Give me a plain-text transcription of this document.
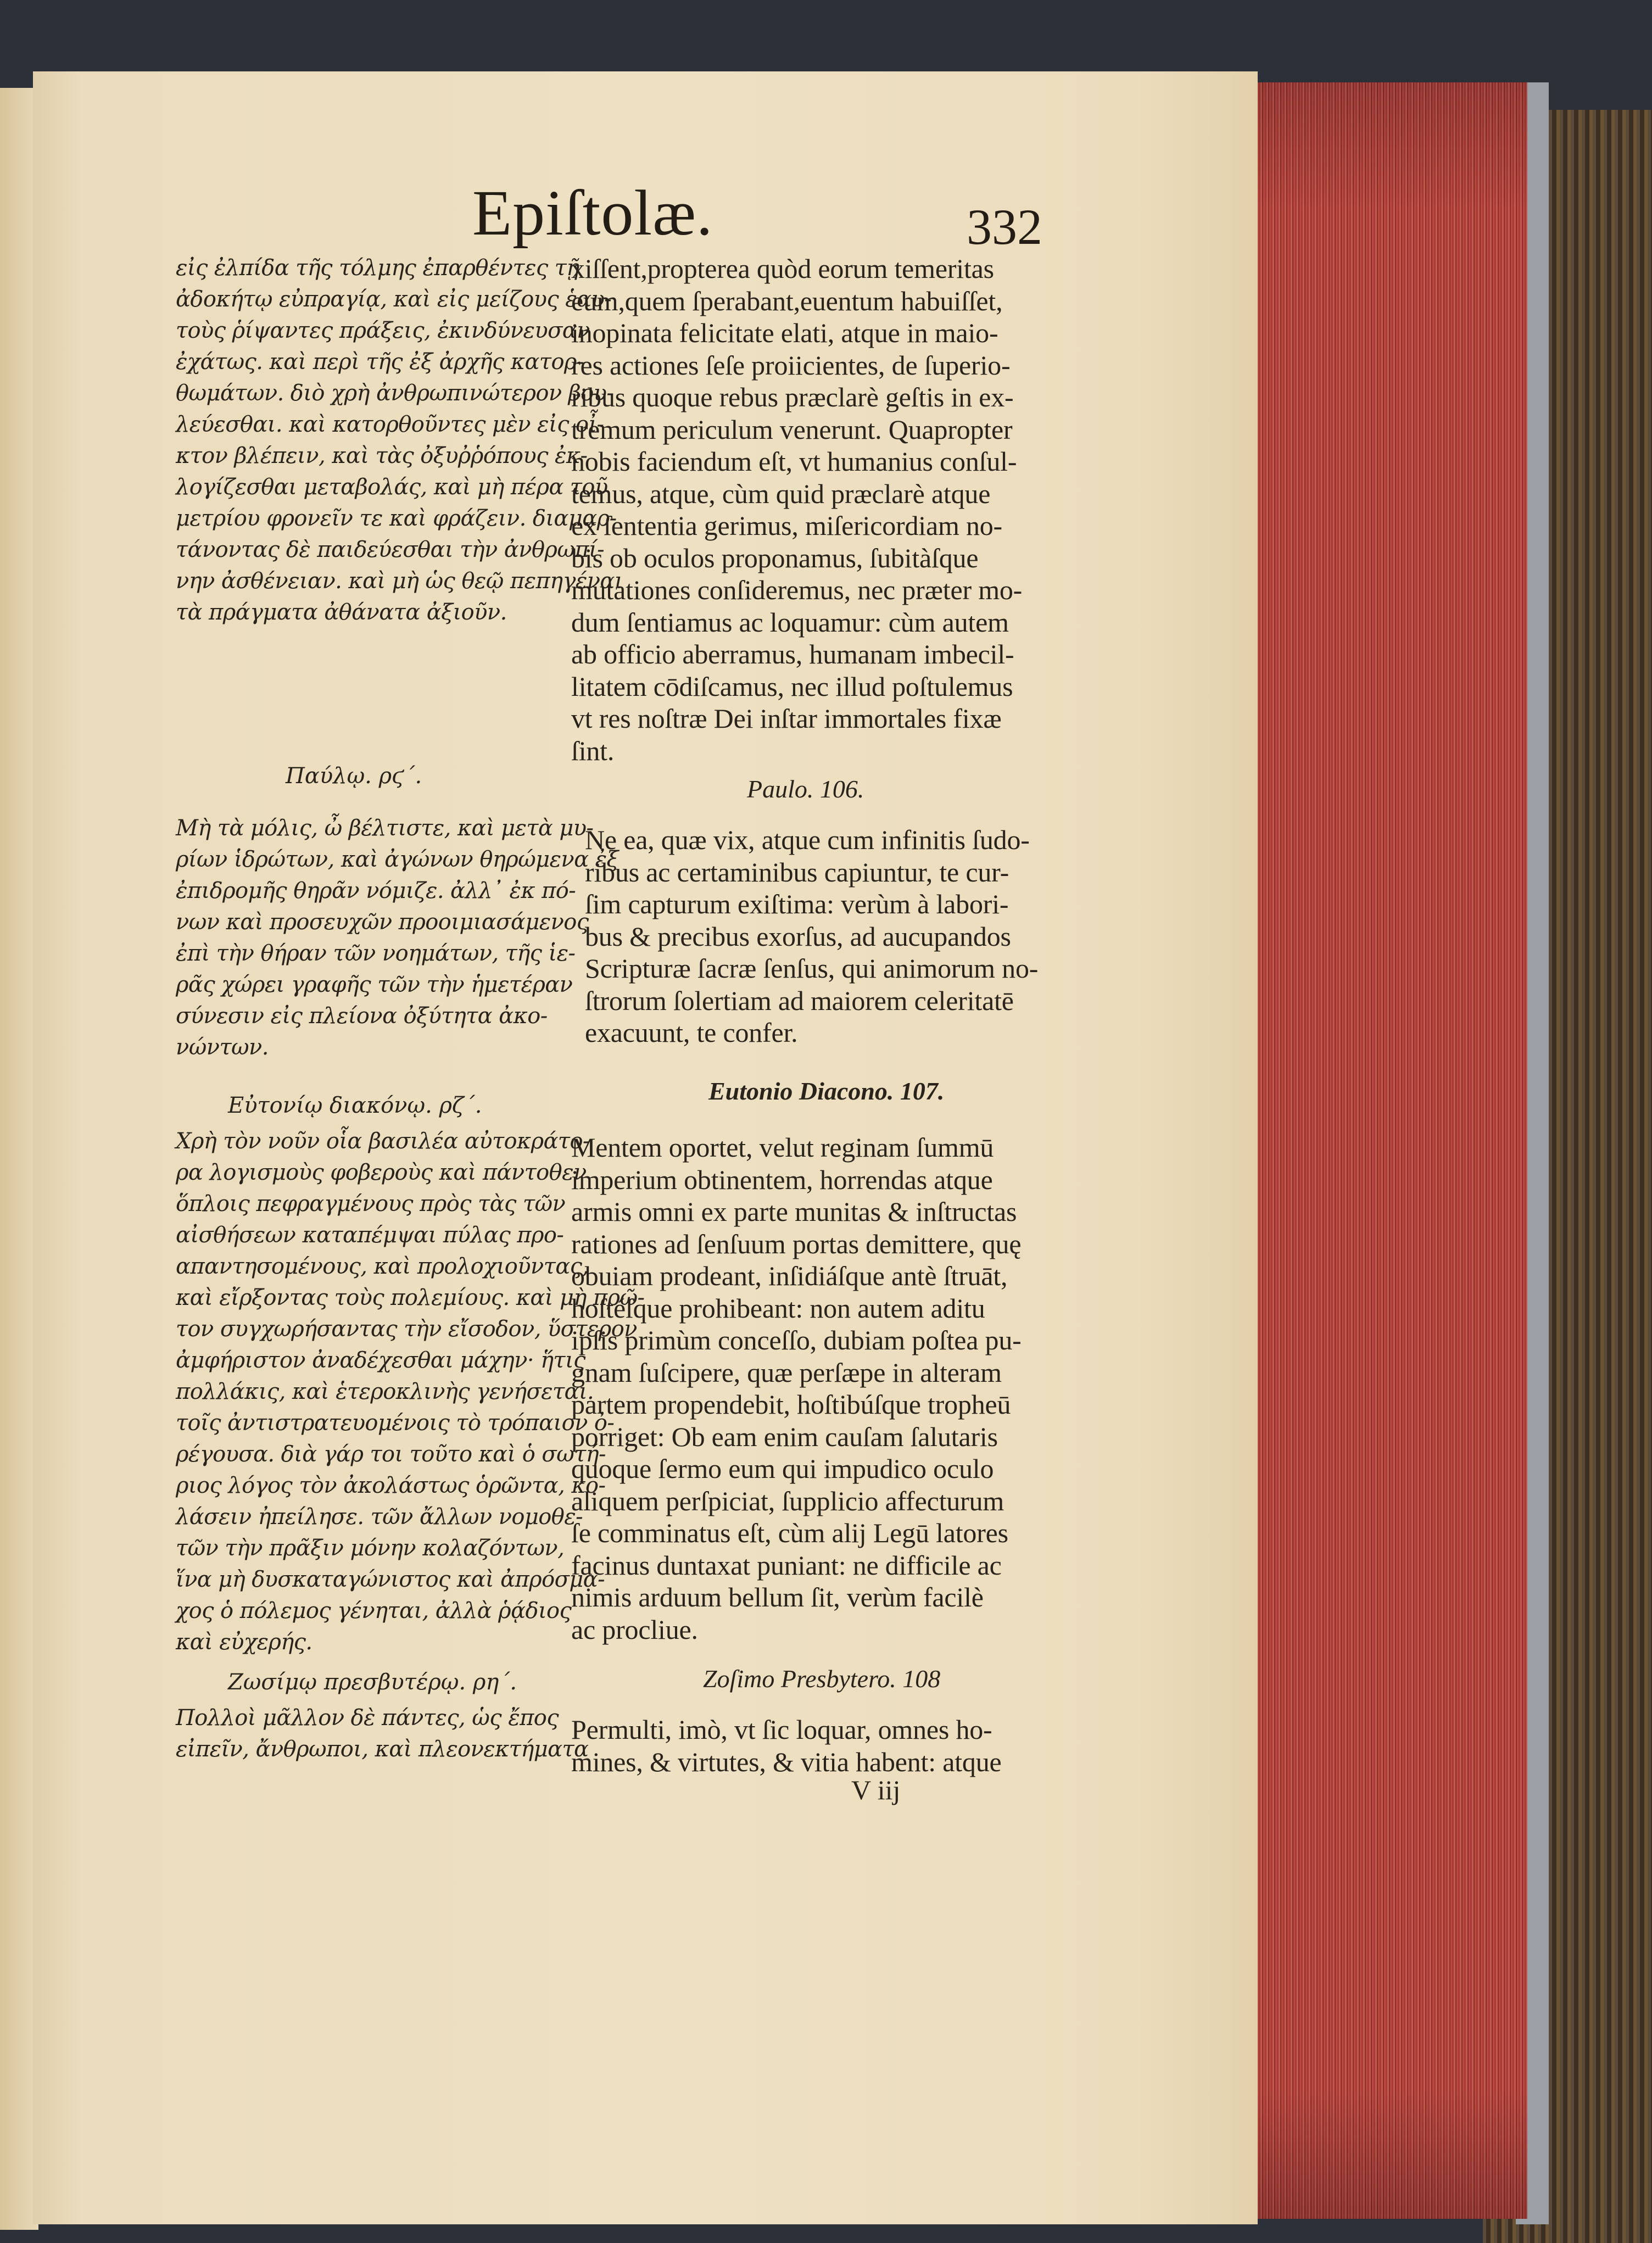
Epiſtolæ.	332
εἰς ἐλπίδα τῆς τόλμης ἐπαρθέντες τῇ
ἀδοκήτῳ εὐπραγίᾳ, καὶ εἰς μείζους ἑαυ-
τοὺς ῥίψαντες πράξεις, ἐκινδύνευσαν
ἐχάτως. καὶ περὶ τῆς ἐξ ἀρχῆς κατορ-
θωμάτων. διὸ χρὴ ἀνθρωπινώτερον βου-
λεύεσθαι. καὶ κατορθοῦντες μὲν εἰς οἶ-
κτον βλέπειν, καὶ τὰς ὀξυῤῥόπους ἐκ-
λογίζεσθαι μεταβολάς, καὶ μὴ πέρα τοῦ
μετρίου φρονεῖν τε καὶ φράζειν. διαμαρ-
τάνοντας δὲ παιδεύεσθαι τὴν ἀνθρωπί-
νην ἀσθένειαν. καὶ μὴ ὡς θεῷ πεπηγέναι
τὰ πράγματα ἀθάνατα ἀξιοῦν.
Παύλῳ. ρϛ΄.
Μὴ τὰ μόλις, ὦ βέλτιστε, καὶ μετὰ μυ-
ρίων ἱδρώτων, καὶ ἀγώνων θηρώμενα ἐξ
ἐπιδρομῆς θηρᾶν νόμιζε. ἀλλ᾽ ἐκ πό-
νων καὶ προσευχῶν προοιμιασάμενος
ἐπὶ τὴν θήραν τῶν νοημάτων, τῆς ἱε-
ρᾶς χώρει γραφῆς τῶν τὴν ἡμετέραν
σύνεσιν εἰς πλείονα ὀξύτητα ἀκο-
νώντων.
Εὐτονίῳ διακόνῳ. ρζ΄.
Χρὴ τὸν νοῦν οἷα βασιλέα αὐτοκράτο-
ρα λογισμοὺς φοβεροὺς καὶ πάντοθεν
ὅπλοις πεφραγμένους πρὸς τὰς τῶν
αἰσθήσεων καταπέμψαι πύλας προ-
απαντησομένους, καὶ προλοχιοῦντας,
καὶ εἴρξοντας τοὺς πολεμίους. καὶ μὴ πρῶ-
τον συγχωρήσαντας τὴν εἴσοδον, ὕστερον
ἀμφήριστον ἀναδέχεσθαι μάχην· ἥτις
πολλάκις, καὶ ἑτεροκλινὴς γενήσεται.
τοῖς ἀντιστρατευομένοις τὸ τρόπαιον ὀ-
ρέγουσα. διὰ γάρ τοι τοῦτο καὶ ὁ σωτή-
ριος λόγος τὸν ἀκολάστως ὁρῶντα, κο-
λάσειν ἠπείλησε. τῶν ἄλλων νομοθε-
τῶν τὴν πρᾶξιν μόνην κολαζόντων,
ἵνα μὴ δυσκαταγώνιστος καὶ ἀπρόσμα-
χος ὁ πόλεμος γένηται, ἀλλὰ ῥᾴδιος
καὶ εὐχερής.
Ζωσίμῳ πρεσβυτέρῳ. ρη΄.
Πολλοὶ μᾶλλον δὲ πάντες, ὡς ἔπος
εἰπεῖν, ἄνθρωποι, καὶ πλεονεκτήματα
xiſſent,propterea quòd eorum temeritas
eum,quem ſperabant,euentum habuiſſet,
inopinata felicitate elati, atque in maio-
res actiones ſeſe proiicientes, de ſuperio-
ribus quoque rebus præclarè geſtis in ex-
tremum periculum venerunt. Quapropter
nobis faciendum eſt, vt humanius conſul-
temus, atque, cùm quid præclarè atque
ex ſententia gerimus, miſericordiam no-
bis ob oculos proponamus, ſubitàſque
mutationes conſideremus, nec præter mo-
dum ſentiamus ac loquamur: cùm autem
ab officio aberramus, humanam imbecil-
litatem cōdiſcamus, nec illud poſtulemus
vt res noſtræ Dei inſtar immortales fixæ
ſint.
Paulo. 106.
Ne ea, quæ vix, atque cum infinitis ſudo-
ribus ac certaminibus capiuntur, te cur-
ſim capturum exiſtima: verùm à labori-
bus & precibus exorſus, ad aucupandos
Scripturæ ſacræ ſenſus, qui animorum no-
ſtrorum ſolertiam ad maiorem celeritatē
exacuunt, te confer.
Eutonio Diacono. 107.
Mentem oportet, velut reginam ſummū
imperium obtinentem, horrendas atque
armis omni ex parte munitas & inſtructas
rationes ad ſenſuum portas demittere, quę
obuiam prodeant, inſidiáſque antè ſtruāt,
hoſtéſque prohibeant: non autem aditu
ipſis primùm conceſſo, dubiam poſtea pu-
gnam ſuſcipere, quæ perſæpe in alteram
partem propendebit, hoſtibúſque tropheū
porriget: Ob eam enim cauſam ſalutaris
quoque ſermo eum qui impudico oculo
aliquem perſpiciat, ſupplicio affecturum
ſe comminatus eſt, cùm alij Legū latores
facinus duntaxat puniant: ne difficile ac
nimis arduum bellum ſit, verùm facilè
ac procliue.
Zoſimo Presbytero. 108
Permulti, imò, vt ſic loquar, omnes ho-
mines, & virtutes, & vitia habent: atque
V iij
